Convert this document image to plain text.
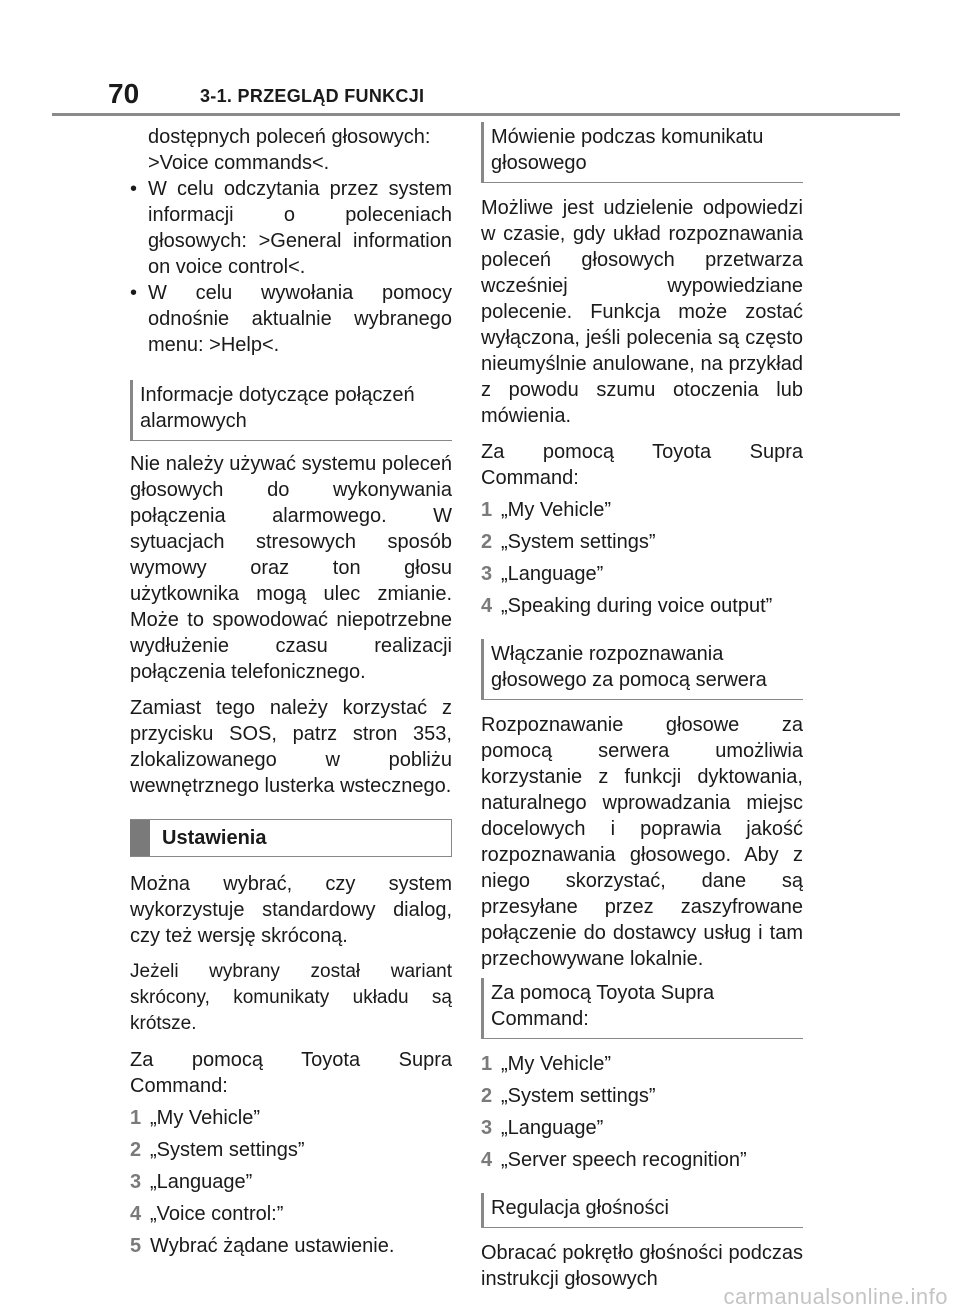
70	3-1. PRZEGLĄD FUNKCJI

dostępnych poleceń głosowych:

>Voice commands<.

• W celu odczytania przez system informacji o poleceniach głosowych: >General information on voice control<.
• W celu wywołania pomocy odnośnie aktualnie wybranego menu: >Help<.
Informacje dotyczące połączeń alarmowych

Nie należy używać systemu poleceń głosowych do wykonywania połączenia alarmowego. W sytuacjach stresowych sposób wymowy oraz ton głosu użytkownika mogą ulec zmianie. Może to spowodować niepotrzebne wydłużenie czasu realizacji połączenia telefonicznego.

Zamiast tego należy korzystać z przycisku SOS, patrz stron 353, zlokalizowanego w pobliżu wewnętrznego lusterka wstecznego.

Ustawienia

Można wybrać, czy system wykorzystuje standardowy dialog, czy też wersję skróconą.

Jeżeli wybrany został wariant skrócony, komunikaty układu są krótsze.

Za pomocą Toyota Supra Command:

1 „My Vehicle”
2 „System settings”
3 „Language”
4 „Voice control:”
5 Wybrać żądane ustawienie.
Mówienie podczas komunikatu głosowego

Możliwe jest udzielenie odpowiedzi w czasie, gdy układ rozpoznawania poleceń głosowych przetwarza wcześniej wypowiedziane polecenie. Funkcja może zostać wyłączona, jeśli polecenia są często nieumyślnie anulowane, na przykład z powodu szumu otoczenia lub mówienia.

Za pomocą Toyota Supra Command:

1 „My Vehicle”
2 „System settings”
3 „Language”
4 „Speaking during voice output”
Włączanie rozpoznawania głosowego za pomocą serwera

Rozpoznawanie głosowe za pomocą serwera umożliwia korzystanie z funkcji dyktowania, naturalnego wprowadzania miejsc docelowych i poprawia jakość rozpoznawania głosowego. Aby z niego skorzystać, dane są przesyłane przez zaszyfrowane połączenie do dostawcy usług i tam przechowywane lokalnie.

Za pomocą Toyota Supra Command:
1 „My Vehicle”
2 „System settings”
3 „Language”
4 „Server speech recognition”
Regulacja głośności

Obracać pokrętło głośności podczas instrukcji głosowych

carmanualsonline.info
